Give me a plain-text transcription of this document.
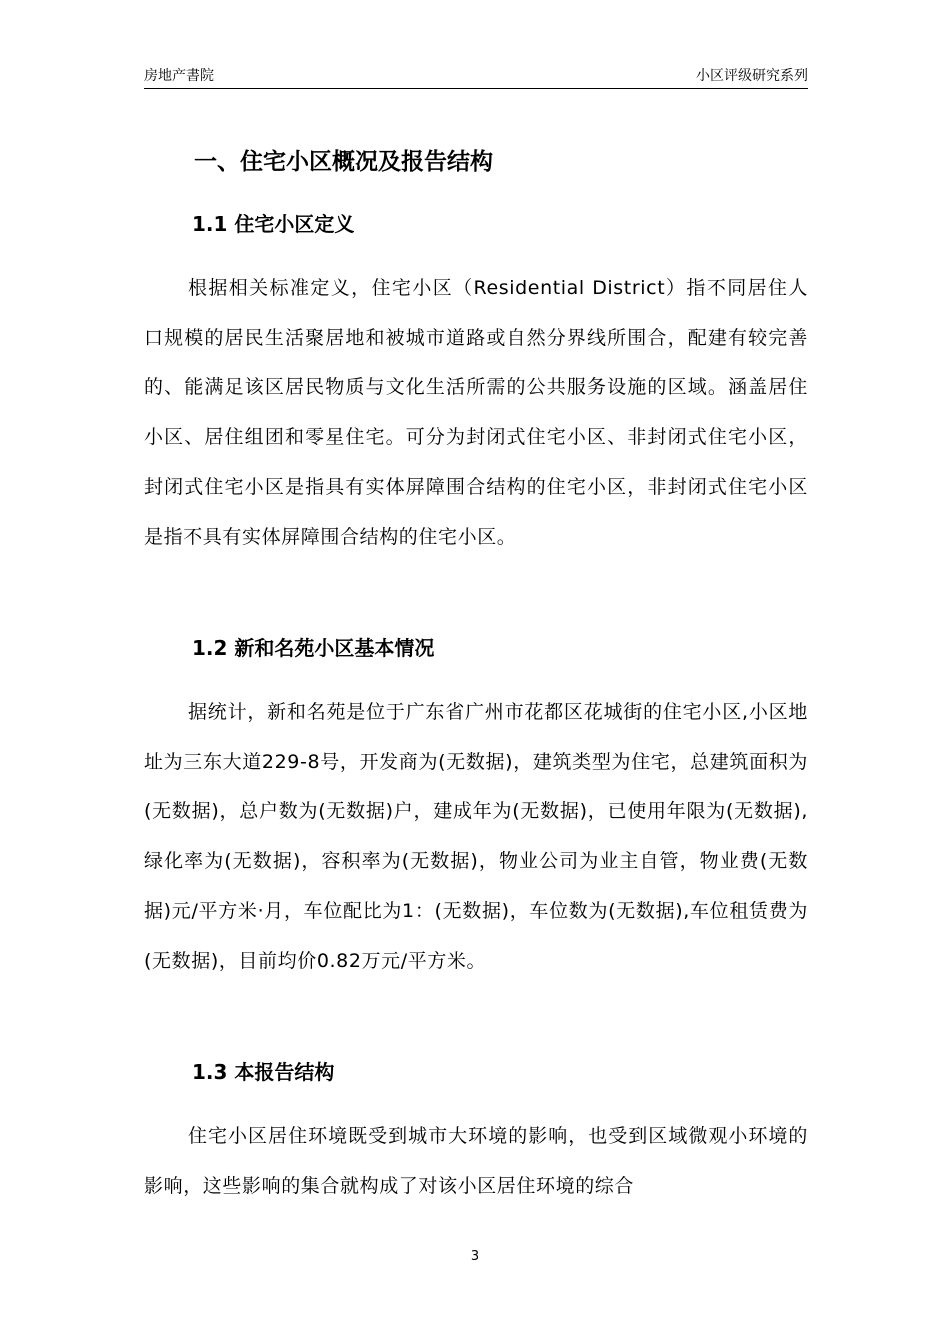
房地产書院	小区评级研究系列
一、住宅小区概况及报告结构
1.1 住宅小区定义
根据相关标准定义，住宅小区（Residential District）指不同居住人口规模的居民生活聚居地和被城市道路或自然分界线所围合，配建有较完善的、能满足该区居民物质与文化生活所需的公共服务设施的区域。涵盖居住小区、居住组团和零星住宅。可分为封闭式住宅小区、非封闭式住宅小区，封闭式住宅小区是指具有实体屏障围合结构的住宅小区，非封闭式住宅小区是指不具有实体屏障围合结构的住宅小区。
1.2 新和名苑小区基本情况
据统计，新和名苑是位于广东省广州市花都区花城街的住宅小区,小区地址为三东大道229-8号，开发商为(无数据)，建筑类型为住宅，总建筑面积为(无数据)，总户数为(无数据)户，建成年为(无数据)，已使用年限为(无数据),绿化率为(无数据)，容积率为(无数据)，物业公司为业主自管，物业费(无数据)元/平方米·月，车位配比为1：(无数据)，车位数为(无数据),车位租赁费为(无数据)，目前均价0.82万元/平方米。
1.3 本报告结构
住宅小区居住环境既受到城市大环境的影响，也受到区域微观小环境的影响，这些影响的集合就构成了对该小区居住环境的综合
3
